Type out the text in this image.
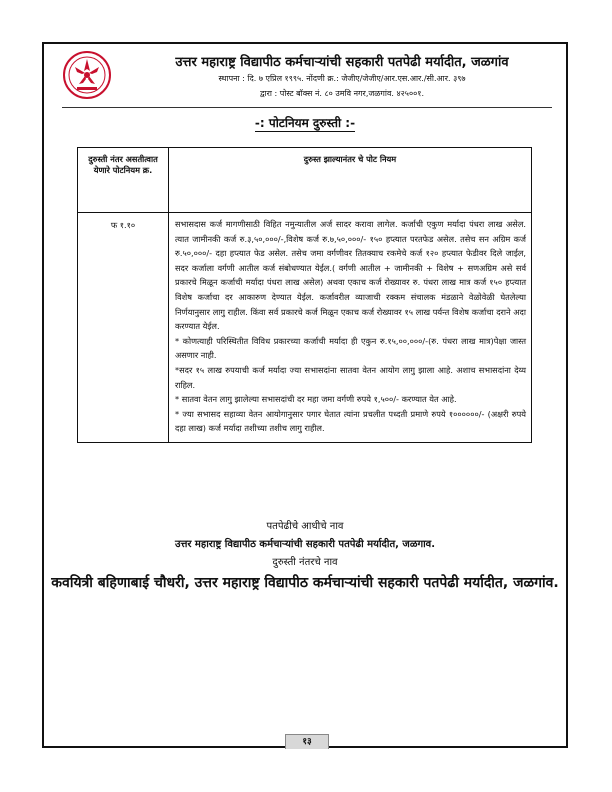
उत्तर महाराष्ट्र विद्यापीठ कर्मचाऱ्यांची सहकारी पतपेढी मर्यादीत, जळगांव
स्थापना : दि. ७ एप्रिल १९९५. नोंदणी क्र.: जेजीए/जेजीए/आर.एस.आर./सी.आर. ३९७
द्वारा : पोस्ट बॉक्स नं. ८० उमवि नगर,जळगांव. ४२५००१.
-: पोटनियम दुरुस्ती :-
दुरुस्ती नंतर असतीत्वात येणारे पोटनियम क्र.	दुरुस्त झाल्यानंतर चे पोट नियम
फ १.१०	सभासदास कर्ज मागणीसाठी विहित नमुन्यातील अर्ज सादर करावा लागेल. कर्जाची एकुण मर्यादा पंधरा लाख असेल. त्यात जामीनकी कर्ज रु.३,५०,०००/-,विशेष कर्ज रु.७,५०,०००/- १५० हप्त्यात परतफेड असेल. तसेच सन अग्रिम कर्ज रु.५०,०००/- दहा हप्त्यात फेड असेल. तसेच जमा वर्गणीवर तितक्याच रकमेचे कर्ज १२० हप्त्यात फेडीवर दिले जाईल, सदर कर्जाला वर्गणी आतील कर्ज संबोधण्यात येईल.( वर्गणी आतील + जामीनकी + विशेष + सणअग्रिम असे सर्व प्रकारचे मिळून कर्जाची मर्यादा पंधरा लाख असेल) अथवा एकाच कर्ज रोख्यावर रु. पंधरा लाख मात्र कर्ज १५० हप्त्यात विशेष कर्जाचा दर आकारुण देण्यात येईल. कर्जावरील व्याजाची रक्कम संचालक मंडळाने वेळोवेळी घेतलेल्या निर्णयानुसार लागु राहील. किंवा सर्व प्रकारचे कर्ज मिळून एकाच कर्ज रोख्यावर १५ लाख पर्यन्त विशेष कर्जाचा दराने अदा करण्यात येईल.
* कोणत्याही परिस्थितीत विविध प्रकारच्या कर्जाची मर्यादा ही एकुन रु.१५,००,०००/-(रु. पंधरा लाख मात्र)पेक्षा जास्त असणार नाही.
*सदर १५ लाख रुपयाची कर्ज मर्यादा ज्या सभासदांना सातवा वेतन आयोग लागु झाला आहे. अशाच सभासदांना देय्य राहिल.
* सातवा वेतन लागु झालेल्या सभासदांची दर महा जमा वर्गणी रुपये १,५००/- करण्यात येत आहे.
* ज्या सभासद सहाव्या वेतन आयोगानुसार पगार घेतात त्यांना प्रचलीत पध्दती प्रमाणे रुपये १००००००/- (अक्षरी रुपये दहा लाख) कर्ज मर्यादा तशीच्या तशीच लागु राहील.
पतपेढीचे आधीचे नाव
उत्तर महाराष्ट्र विद्यापीठ कर्मचाऱ्यांची सहकारी पतपेढी मर्यादीत, जळगाव.
दुरुस्ती नंतरचे नाव
कवयित्री बहिणाबाई चौधरी, उत्तर महाराष्ट्र विद्यापीठ कर्मचाऱ्यांची सहकारी पतपेढी मर्यादीत, जळगांव.
१३
